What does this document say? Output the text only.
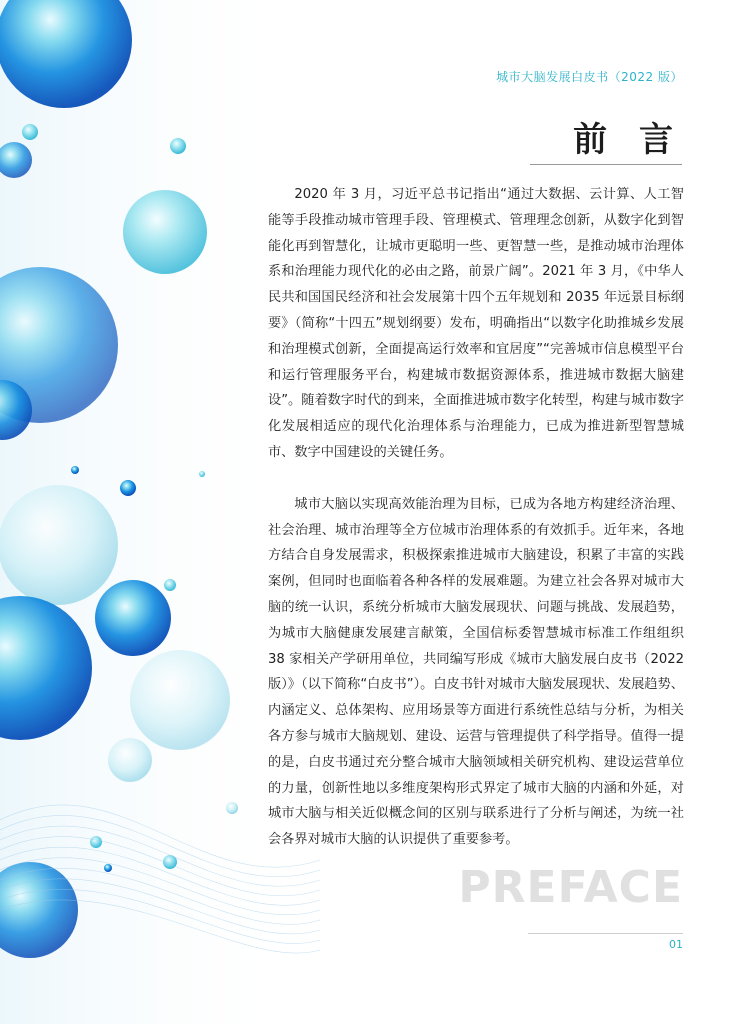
城市大脑发展白皮书（2022 版）
前 言

2020 年 3 月，习近平总书记指出“通过大数据、云计算、人工智能等手段推动城市管理手段、管理模式、管理理念创新，从数字化到智能化再到智慧化，让城市更聪明一些、更智慧一些，是推动城市治理体系和治理能力现代化的必由之路，前景广阔”。2021 年 3 月，《中华人民共和国国民经济和社会发展第十四个五年规划和 2035 年远景目标纲要》（简称“十四五”规划纲要）发布，明确指出“以数字化助推城乡发展和治理模式创新，全面提高运行效率和宜居度”“完善城市信息模型平台和运行管理服务平台，构建城市数据资源体系，推进城市数据大脑建设”。随着数字时代的到来，全面推进城市数字化转型，构建与城市数字化发展相适应的现代化治理体系与治理能力，已成为推进新型智慧城市、数字中国建设的关键任务。

城市大脑以实现高效能治理为目标，已成为各地方构建经济治理、社会治理、城市治理等全方位城市治理体系的有效抓手。近年来，各地方结合自身发展需求，积极探索推进城市大脑建设，积累了丰富的实践案例，但同时也面临着各种各样的发展难题。为建立社会各界对城市大脑的统一认识，系统分析城市大脑发展现状、问题与挑战、发展趋势，为城市大脑健康发展建言献策，全国信标委智慧城市标准工作组组织 38 家相关产学研用单位，共同编写形成《城市大脑发展白皮书（2022 版）》（以下简称“白皮书”）。白皮书针对城市大脑发展现状、发展趋势、内涵定义、总体架构、应用场景等方面进行系统性总结与分析，为相关各方参与城市大脑规划、建设、运营与管理提供了科学指导。值得一提的是，白皮书通过充分整合城市大脑领域相关研究机构、建设运营单位的力量，创新性地以多维度架构形式界定了城市大脑的内涵和外延，对城市大脑与相关近似概念间的区别与联系进行了分析与阐述，为统一社会各界对城市大脑的认识提供了重要参考。

PREFACE
01
